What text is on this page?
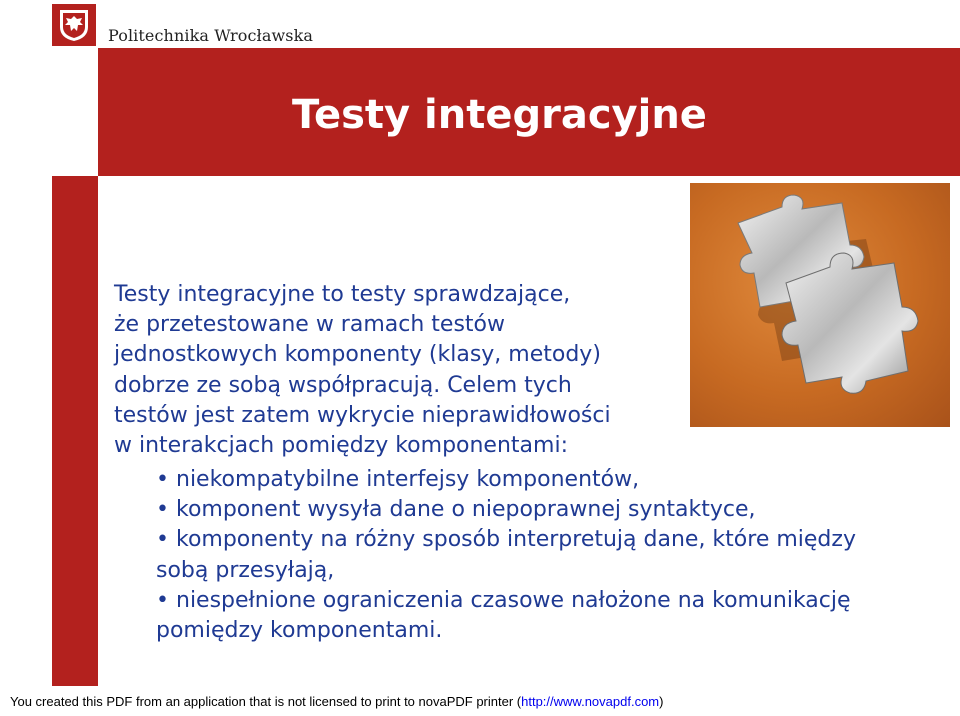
Politechnika Wrocławska
Testy integracyjne
Testy integracyjne to testy sprawdzające,
że przetestowane w ramach testów
jednostkowych komponenty (klasy, metody)
dobrze ze sobą współpracują. Celem tych
testów jest zatem wykrycie nieprawidłowości
w interakcjach pomiędzy komponentami:
• niekompatybilne interfejsy komponentów,
• komponent wysyła dane o niepoprawnej syntaktyce,
• komponenty na różny sposób interpretują dane, które między
sobą przesyłają,
• niespełnione ograniczenia czasowe nałożone na komunikację
pomiędzy komponentami.
You created this PDF from an application that is not licensed to print to novaPDF printer (http://www.novapdf.com)
